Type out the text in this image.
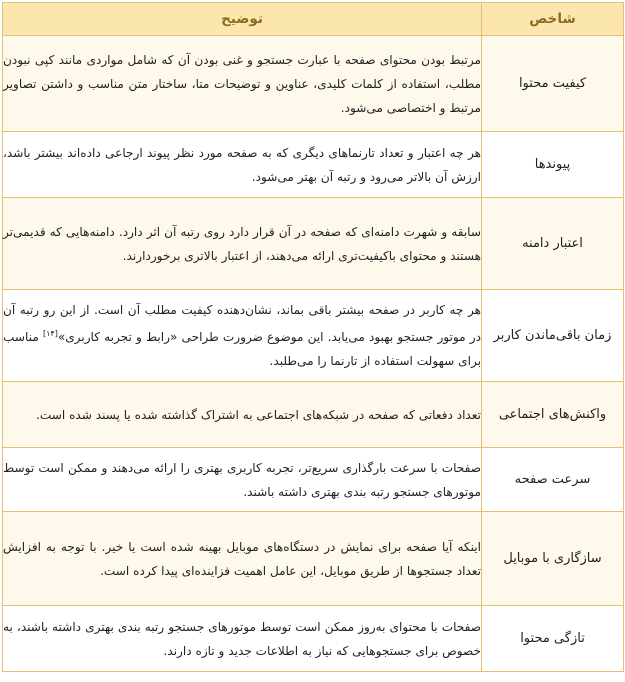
شاخص	توضیح
کیفیت محتوا	مرتبط بودن محتوای صفحه با عبارت جستجو و غنی بودن آن که شامل مواردی مانند کپی نبودن مطلب، استفاده از کلمات کلیدی، عناوین و توضیحات متا، ساختار متن مناسب و داشتن تصاویر مرتبط و اختصاصی می‌شود.
پیوندها	هر چه اعتبار و تعداد تارنماهای دیگری که به صفحه مورد نظر پیوند ارجاعی داده‌اند بیشتر باشد، ارزش آن بالاتر می‌رود و رتبه آن بهتر می‌شود.
اعتبار دامنه	سابقه و شهرت دامنه‌ای که صفحه در آن قرار دارد روی رتبه آن اثر دارد. دامنه‌هایی که قدیمی‌تر هستند و محتوای باکیفیت‌تری ارائه می‌دهند، از اعتبار بالاتری برخوردارند.
زمان باقی‌ماندن کاربر	هر چه کاربر در صفحه بیشتر باقی بماند، نشان‌دهنده کیفیت مطلب آن است. از این رو رتبه آن در موتور جستجو بهبود می‌یابد. این موضوع ضرورت طراحی «رابط و تجربه کاربری»[۱۴] مناسب برای سهولت استفاده از تارنما را می‌طلبد.
واکنش‌های اجتماعی	تعداد دفعاتی که صفحه در شبکه‌های اجتماعی به اشتراک گذاشته شده یا پسند شده است.
سرعت صفحه	صفحات با سرعت بارگذاری سریع‌تر، تجربه کاربری بهتری را ارائه می‌دهند و ممکن است توسط موتورهای جستجو رتبه بندی بهتری داشته باشند.
سازگاری با موبایل	اینکه آیا صفحه برای نمایش در دستگاه‌های موبایل بهینه شده است یا خیر. با توجه به افزایش تعداد جستجوها از طریق موبایل، این عامل اهمیت فزاینده‌ای پیدا کرده است.
تازگی محتوا	صفحات با محتوای به‌روز ممکن است توسط موتورهای جستجو رتبه بندی بهتری داشته باشند، به خصوص برای جستجوهایی که نیاز به اطلاعات جدید و تازه دارند.
